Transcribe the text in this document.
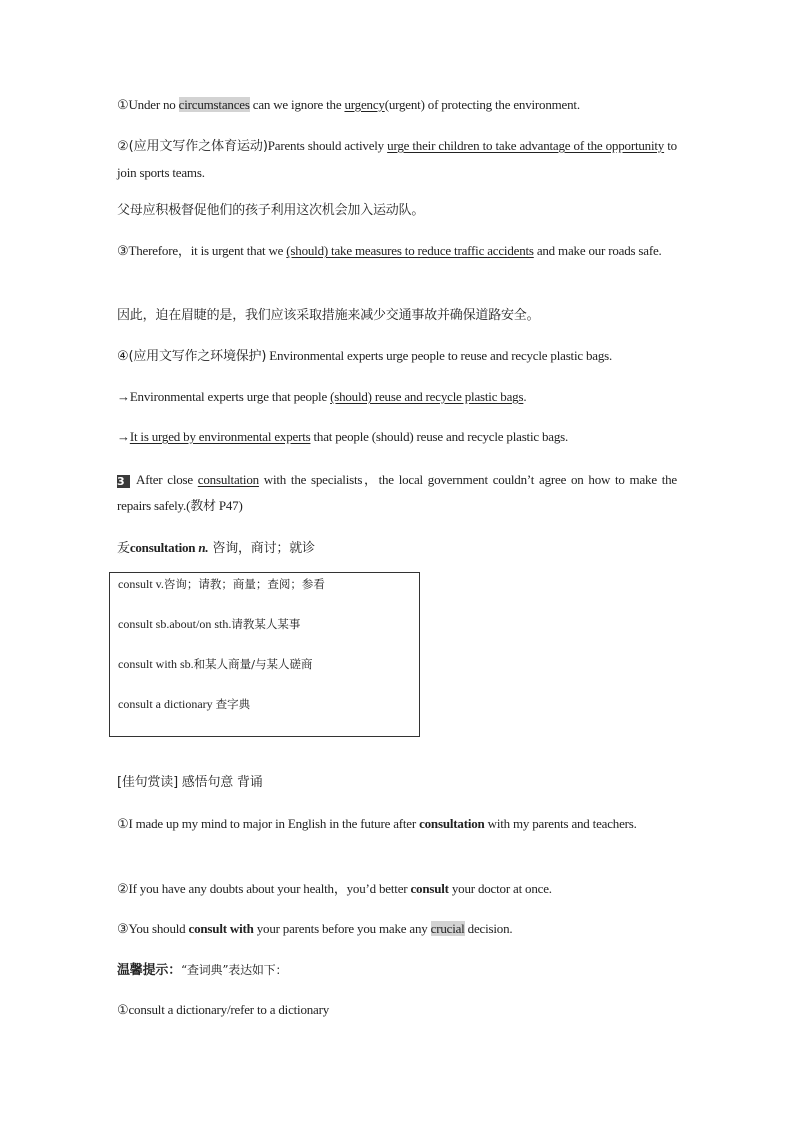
①Under no circumstances can we ignore the urgency(urgent) of protecting the environment.
②(应用文写作之体育运动)Parents should actively urge their children to take advantage of the opportunity to join sports teams.
父母应积极督促他们的孩子利用这次机会加入运动队。
③Therefore，it is urgent that we (should) take measures to reduce traffic accidents and make our roads safe.
因此，迫在眉睫的是，我们应该采取措施来减少交通事故并确保道路安全。
④(应用文写作之环境保护) Environmental experts urge people to reuse and recycle plastic bags.
→Environmental experts urge that people (should) reuse and recycle plastic bags.
→It is urged by environmental experts that people (should) reuse and recycle plastic bags.
3 After close consultation with the specialists，the local government couldn’t agree on how to make the repairs safely.(教材 P47)
叐consultation n. 咨询，商讨；就诊
consult v.咨询；请教；商量；查阅；参看
consult sb.about/on sth.请教某人某事
consult with sb.和某人商量/与某人磋商
consult a dictionary 查字典
[佳句赏读] 感悟句意 背诵
①I made up my mind to major in English in the future after consultation with my parents and teachers.
②If you have any doubts about your health，you’d better consult your doctor at once.
③You should consult with your parents before you make any crucial decision.
温馨提示：“查词典”表达如下：
①consult a dictionary/refer to a dictionary
